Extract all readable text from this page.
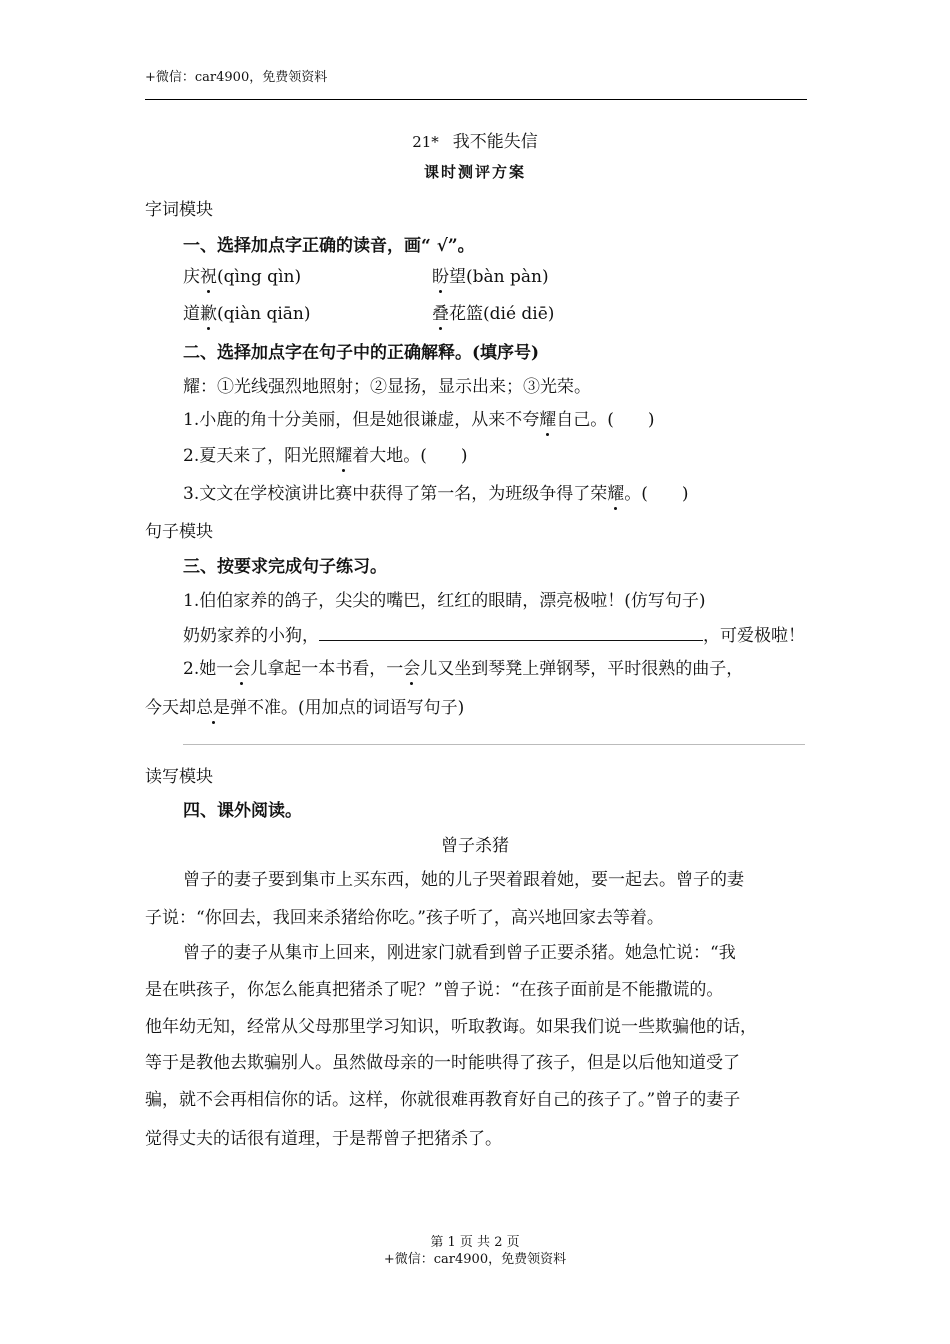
+微信：car4900，免费领资料
21* 我不能失信
课时测评方案
字词模块
一、选择加点字正确的读音，画“ √”。
庆祝(qìng qìn)	盼望(bàn pàn)
道歉(qiàn qiān)	叠花篮(dié diē)
二、选择加点字在句子中的正确解释。(填序号)
耀：①光线强烈地照射；②显扬，显示出来；③光荣。
1.小鹿的角十分美丽，但是她很谦虚，从来不夸耀自己。(　　)
2.夏天来了，阳光照耀着大地。(　　)
3.文文在学校演讲比赛中获得了第一名，为班级争得了荣耀。(　　)
句子模块
三、按要求完成句子练习。
1.伯伯家养的鸽子，尖尖的嘴巴，红红的眼睛，漂亮极啦！(仿写句子)
奶奶家养的小狗，	，可爱极啦！
2.她一会儿拿起一本书看，一会儿又坐到琴凳上弹钢琴，平时很熟的曲子，
今天却总是弹不准。(用加点的词语写句子)
读写模块
四、课外阅读。
曾子杀猪
曾子的妻子要到集市上买东西，她的儿子哭着跟着她，要一起去。曾子的妻
子说：“你回去，我回来杀猪给你吃。”孩子听了，高兴地回家去等着。
曾子的妻子从集市上回来，刚进家门就看到曾子正要杀猪。她急忙说：“我
是在哄孩子，你怎么能真把猪杀了呢？”曾子说：“在孩子面前是不能撒谎的。
他年幼无知，经常从父母那里学习知识，听取教诲。如果我们说一些欺骗他的话，
等于是教他去欺骗别人。虽然做母亲的一时能哄得了孩子，但是以后他知道受了
骗，就不会再相信你的话。这样，你就很难再教育好自己的孩子了。”曾子的妻子
觉得丈夫的话很有道理，于是帮曾子把猪杀了。
第 1 页 共 2 页
+微信：car4900，免费领资料
